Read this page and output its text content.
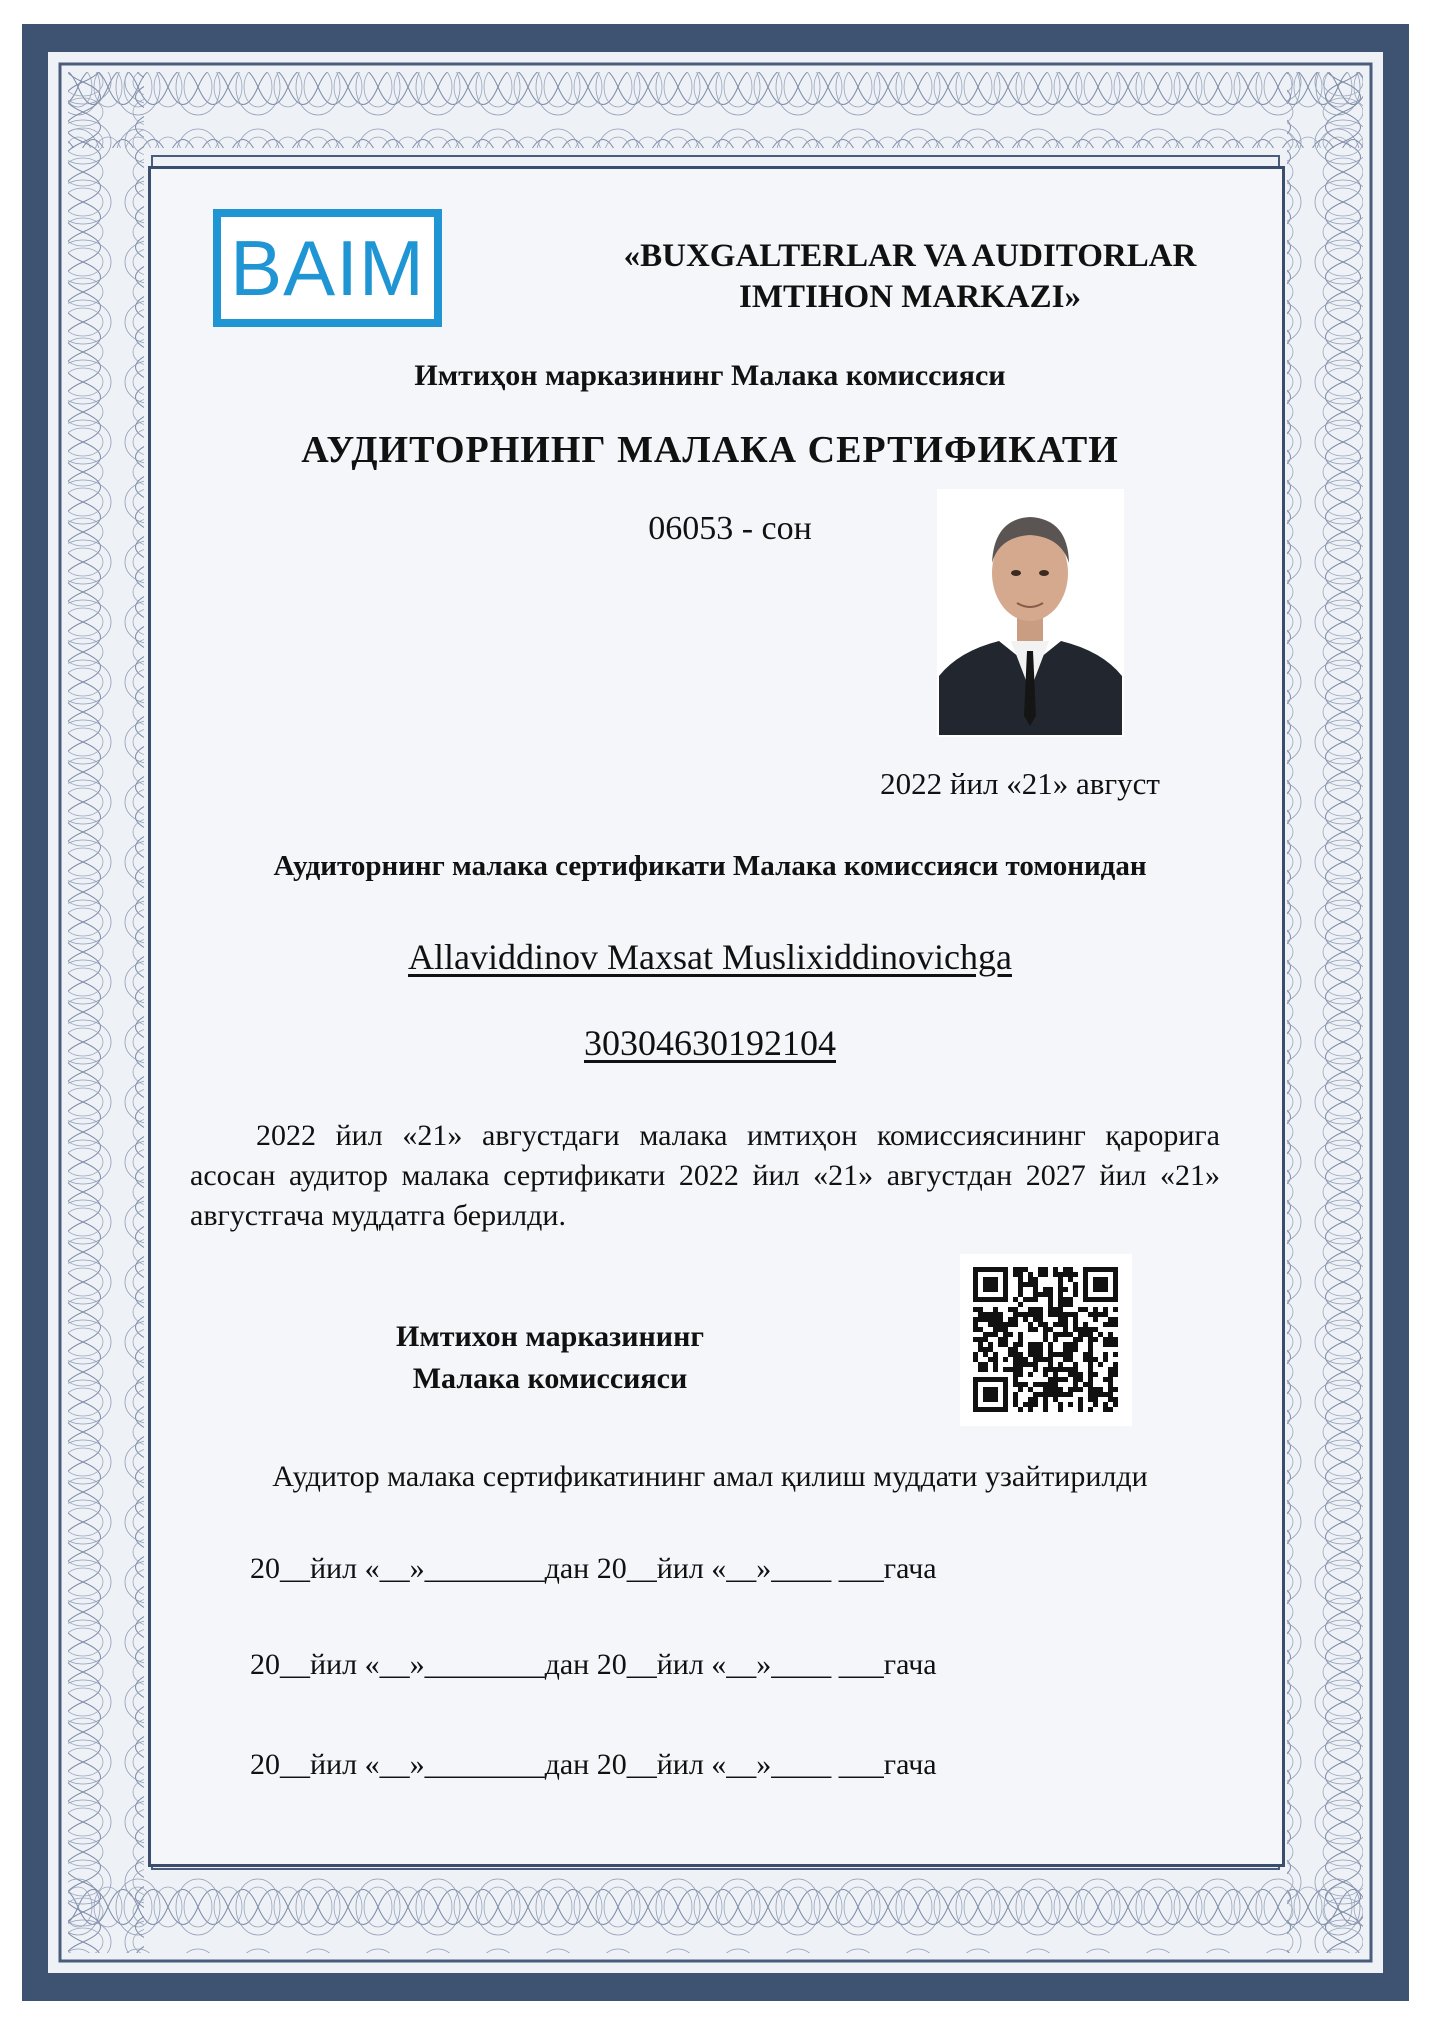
BAIM	«BUXGALTERLAR VA AUDITORLAR IMTIHON MARKAZI»
Имтиҳон марказининг Малака комиссияси
АУДИТОРНИНГ МАЛАКА СЕРТИФИКАТИ
06053 - сон
2022 йил «21» август
Аудиторнинг малака сертификати Малака комиссияси томонидан
Allaviddinov Maxsat Muslixiddinovichga
30304630192104
2022 йил «21» августдаги малака имтиҳон комиссиясининг қарорига асосан аудитор малака сертификати 2022 йил «21» августдан 2027 йил «21» августгача муддатга берилди.
Имтихон марказининг
Малака комиссияси
Аудитор малака сертификатининг амал қилиш муддати узайтирилди
20__йил «__»________дан 20__йил «__»____ ___гача
20__йил «__»________дан 20__йил «__»____ ___гача
20__йил «__»________дан 20__йил «__»____ ___гача
